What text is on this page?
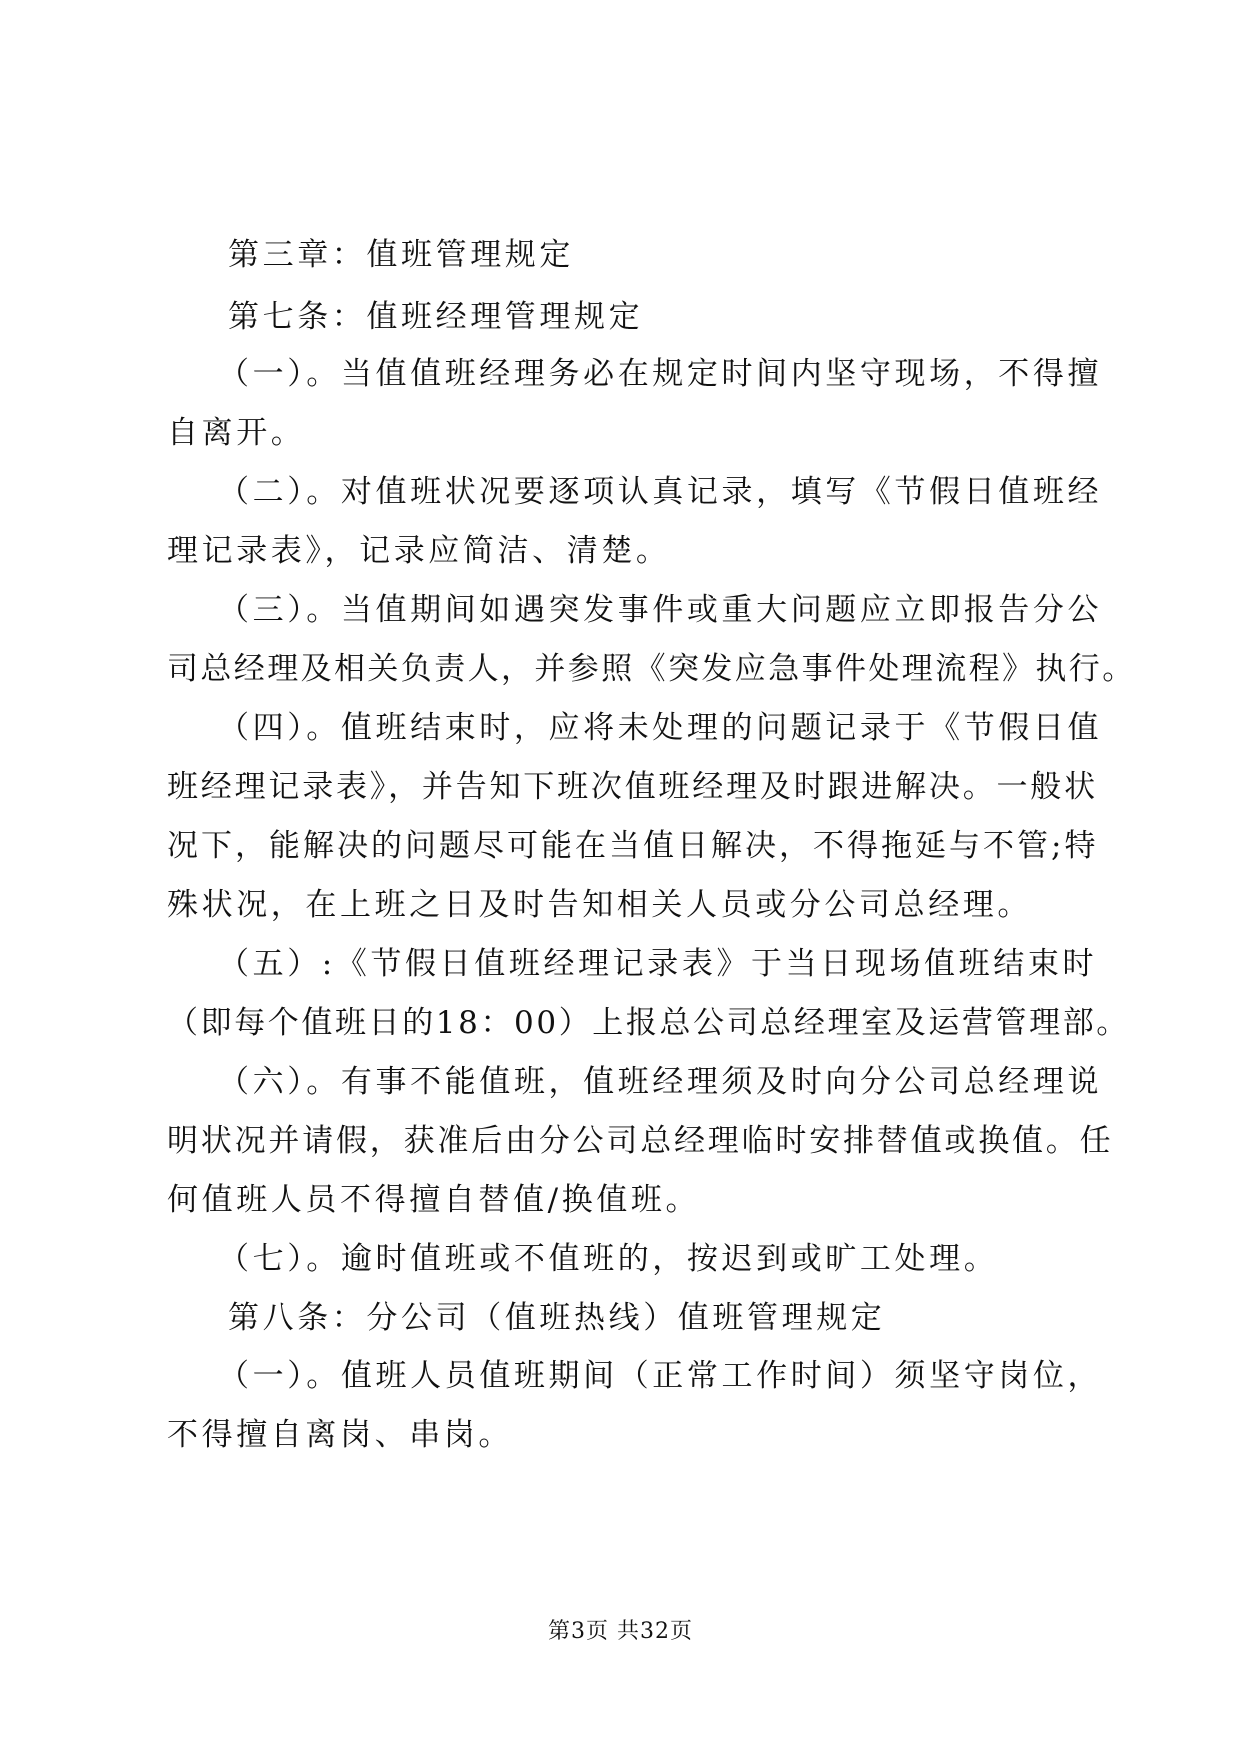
第三章：值班管理规定
第七条：值班经理管理规定
（一）。当值值班经理务必在规定时间内坚守现场，不得擅
自离开。
（二）。对值班状况要逐项认真记录，填写《节假日值班经
理记录表》，记录应简洁、清楚。
（三）。当值期间如遇突发事件或重大问题应立即报告分公
司总经理及相关负责人，并参照《突发应急事件处理流程》执行。
（四）。值班结束时，应将未处理的问题记录于《节假日值
班经理记录表》，并告知下班次值班经理及时跟进解决。一般状
况下，能解决的问题尽可能在当值日解决，不得拖延与不管;特
殊状况，在上班之日及时告知相关人员或分公司总经理。
（五）:《节假日值班经理记录表》于当日现场值班结束时
（即每个值班日的18：00）上报总公司总经理室及运营管理部。
（六）。有事不能值班，值班经理须及时向分公司总经理说
明状况并请假，获准后由分公司总经理临时安排替值或换值。任
何值班人员不得擅自替值/换值班。
（七）。逾时值班或不值班的，按迟到或旷工处理。
第八条：分公司（值班热线）值班管理规定
（一）。值班人员值班期间（正常工作时间）须坚守岗位，
不得擅自离岗、串岗。
第3页 共32页
